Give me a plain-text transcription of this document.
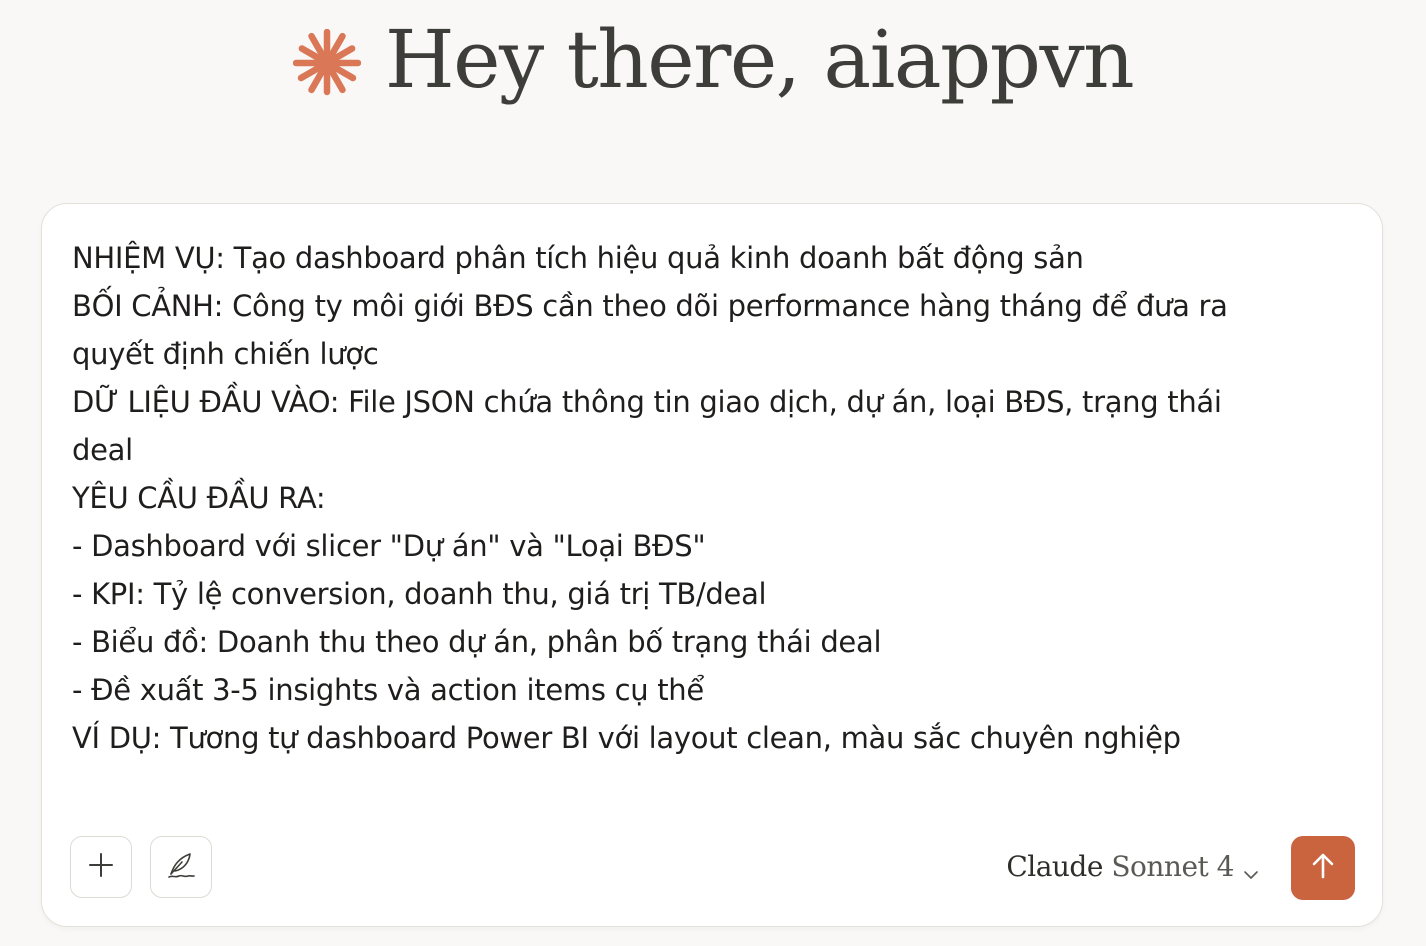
Hey there, aiappvn
NHIỆM VỤ: Tạo dashboard phân tích hiệu quả kinh doanh bất động sản
BỐI CẢNH: Công ty môi giới BĐS cần theo dõi performance hàng tháng để đưa ra
quyết định chiến lược
DỮ LIỆU ĐẦU VÀO: File JSON chứa thông tin giao dịch, dự án, loại BĐS, trạng thái
deal
YÊU CẦU ĐẦU RA:
- Dashboard với slicer "Dự án" và "Loại BĐS"
- KPI: Tỷ lệ conversion, doanh thu, giá trị TB/deal
- Biểu đồ: Doanh thu theo dự án, phân bố trạng thái deal
- Đề xuất 3-5 insights và action items cụ thể
VÍ DỤ: Tương tự dashboard Power BI với layout clean, màu sắc chuyên nghiệp
Claude Sonnet 4
